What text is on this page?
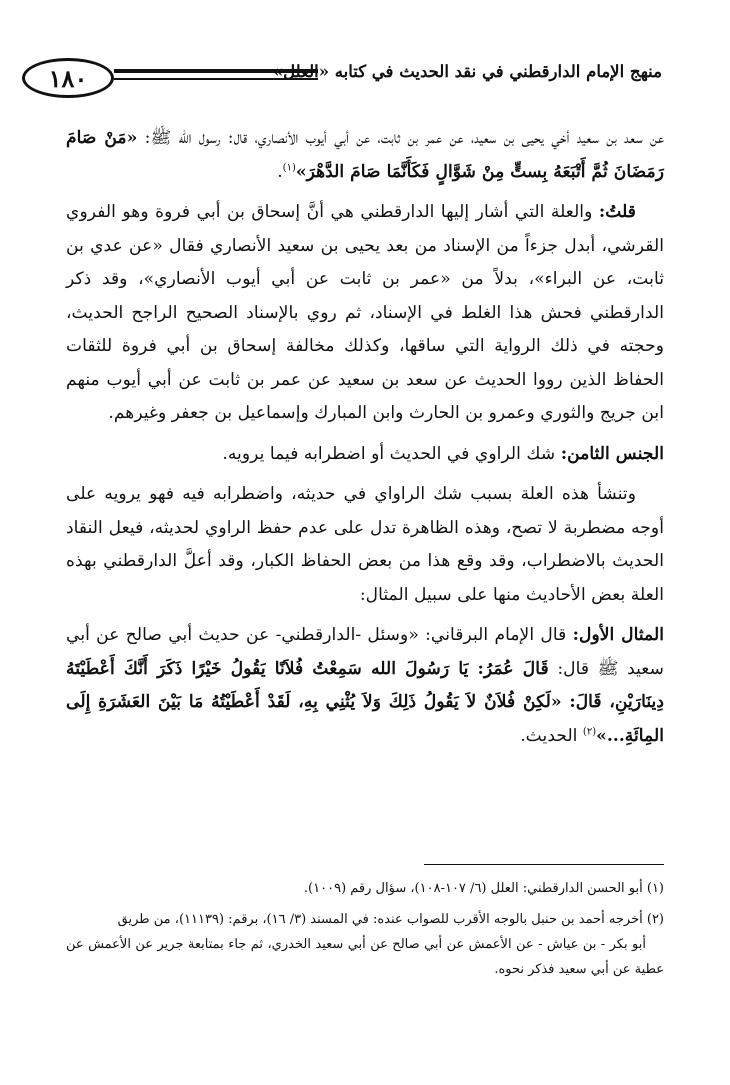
١٨٠	منهج الإمام الدارقطني في نقد الحديث في كتابه «العلل»

عن سعد بن سعيد أخي يحيى بن سعيد، عن عمر بن ثابت، عن أبي أيوب الأنصاري، قال: رسول الله ﷺ: «مَنْ صَامَ رَمَضَانَ ثُمَّ أَتْبَعَهُ بِستٍّ مِنْ شَوَّالٍ فَكَأَنَّمَا صَامَ الدَّهْرَ»$^{(١)}$.

قلتُ: والعلة التي أشار إليها الدارقطني هي أنَّ إسحاق بن أبي فروة وهو الفروي القرشي، أبدل جزءاً من الإسناد من بعد يحيى بن سعيد الأنصاري فقال «عن عدي بن ثابت، عن البراء»، بدلاً من «عمر بن ثابت عن أبي أيوب الأنصاري»، وقد ذكر الدارقطني فحش هذا الغلط في الإسناد، ثم روي بالإسناد الصحيح الراجح الحديث، وحجته في ذلك الرواية التي ساقها، وكذلك مخالفة إسحاق بن أبي فروة للثقات الحفاظ الذين رووا الحديث عن سعد بن سعيد عن عمر بن ثابت عن أبي أيوب منهم ابن جريج والثوري وعمرو بن الحارث وابن المبارك وإسماعيل بن جعفر وغيرهم.

الجنس الثامن: شك الراوي في الحديث أو اضطرابه فيما يرويه.

وتنشأ هذه العلة بسبب شك الراواي في حديثه، واضطرابه فيه فهو يرويه على أوجه مضطربة لا تصح، وهذه الظاهرة تدل على عدم حفظ الراوي لحديثه، فيعل النقاد الحديث بالاضطراب، وقد وقع هذا من بعض الحفاظ الكبار، وقد أعلَّ الدارقطني بهذه العلة بعض الأحاديث منها على سبيل المثال:

المثال الأول: قال الإمام البرقاني: «وسئل -الدارقطني- عن حديث أبي صالح عن أبي سعيد ﷺ قال: قَالَ عُمَرُ: يَا رَسُولَ الله سَمِعْتُ فُلاَنًا يَقُولُ خَيْرًا ذَكَرَ أَنَّكَ أَعْطَيْتَهُ دِينَارَيْنِ، قَالَ: «لَكِنْ فُلاَنٌ لاَ يَقُولُ ذَلِكَ وَلاَ يُثْنِي بِهِ، لَقَدْ أَعْطَيْتُهُ مَا بَيْنَ العَشَرَةِ إِلَى المِائَةِ...»$^{(٢)}$ الحديث.

(١) أبو الحسن الدارقطني: العلل (٦/ ١٠٧-١٠٨)، سؤال رقم (١٠٠٩).

(٢) أخرجه أحمد بن حنبل بالوجه الأقرب للصواب عنده: في المسند (٣/ ١٦)، برقم: (١١١٣٩)، من طريق
أبو بكر - بن عياش - عن الأعمش عن أبي صالح عن أبي سعيد الخدري، ثم جاء بمتابعة جرير عن الأعمش عن عطية عن أبي سعيد فذكر نحوه.
